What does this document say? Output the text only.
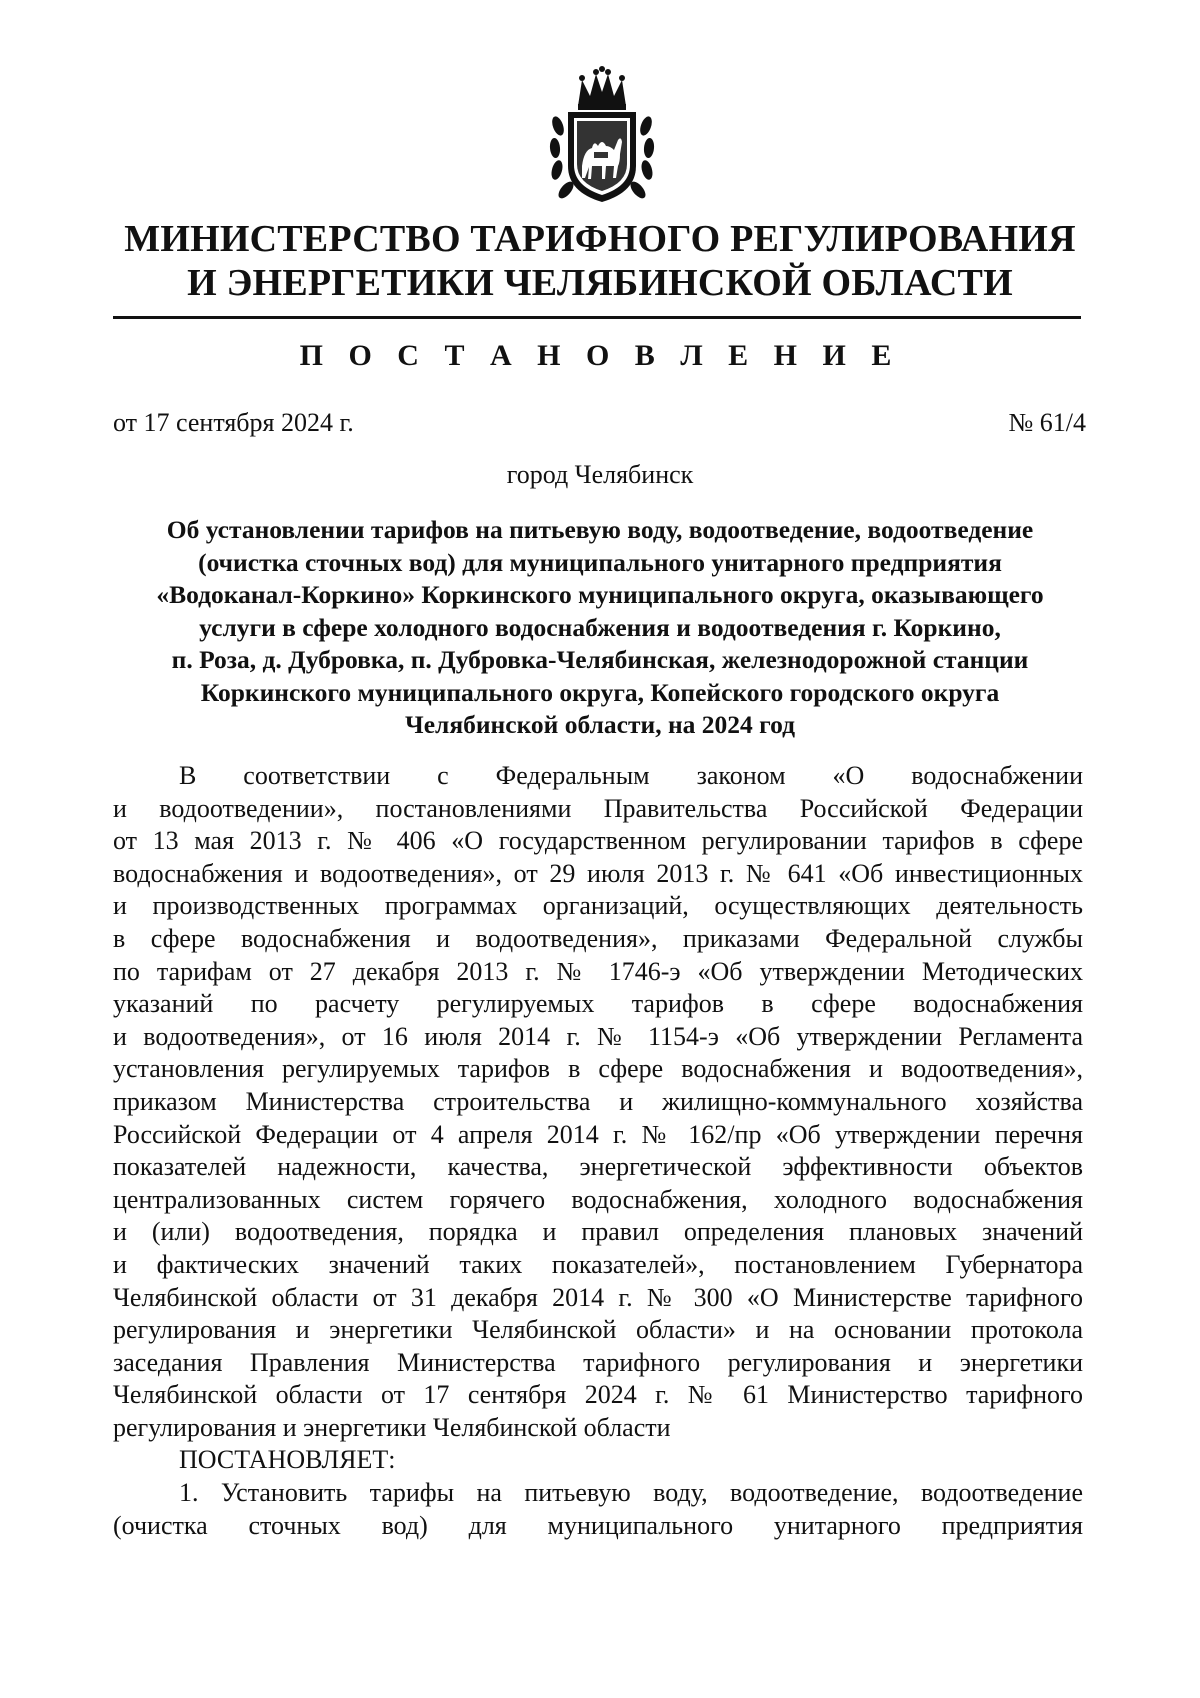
МИНИСТЕРСТВО ТАРИФНОГО РЕГУЛИРОВАНИЯ
И ЭНЕРГЕТИКИ ЧЕЛЯБИНСКОЙ ОБЛАСТИ
П О С Т А Н О В Л Е Н И Е
от 17 сентября 2024 г.	№ 61/4
город Челябинск
Об установлении тарифов на питьевую воду, водоотведение, водоотведение
(очистка сточных вод) для муниципального унитарного предприятия
«Водоканал-Коркино» Коркинского муниципального округа, оказывающего
услуги в сфере холодного водоснабжения и водоотведения г. Коркино,
п. Роза, д. Дубровка, п. Дубровка-Челябинская, железнодорожной станции
Коркинского муниципального округа, Копейского городского округа
Челябинской области, на 2024 год
В соответствии с Федеральным законом «О водоснабжении
и водоотведении», постановлениями Правительства Российской Федерации
от 13 мая 2013 г. № 406 «О государственном регулировании тарифов в сфере
водоснабжения и водоотведения», от 29 июля 2013 г. № 641 «Об инвестиционных
и производственных программах организаций, осуществляющих деятельность
в сфере водоснабжения и водоотведения», приказами Федеральной службы
по тарифам от 27 декабря 2013 г. № 1746-э «Об утверждении Методических
указаний по расчету регулируемых тарифов в сфере водоснабжения
и водоотведения», от 16 июля 2014 г. № 1154-э «Об утверждении Регламента
установления регулируемых тарифов в сфере водоснабжения и водоотведения»,
приказом Министерства строительства и жилищно-коммунального хозяйства
Российской Федерации от 4 апреля 2014 г. № 162/пр «Об утверждении перечня
показателей надежности, качества, энергетической эффективности объектов
централизованных систем горячего водоснабжения, холодного водоснабжения
и (или) водоотведения, порядка и правил определения плановых значений
и фактических значений таких показателей», постановлением Губернатора
Челябинской области от 31 декабря 2014 г. № 300 «О Министерстве тарифного
регулирования и энергетики Челябинской области» и на основании протокола
заседания Правления Министерства тарифного регулирования и энергетики
Челябинской области от 17 сентября 2024 г. № 61 Министерство тарифного
регулирования и энергетики Челябинской области
ПОСТАНОВЛЯЕТ:
1. Установить тарифы на питьевую воду, водоотведение, водоотведение
(очистка сточных вод) для муниципального унитарного предприятия
